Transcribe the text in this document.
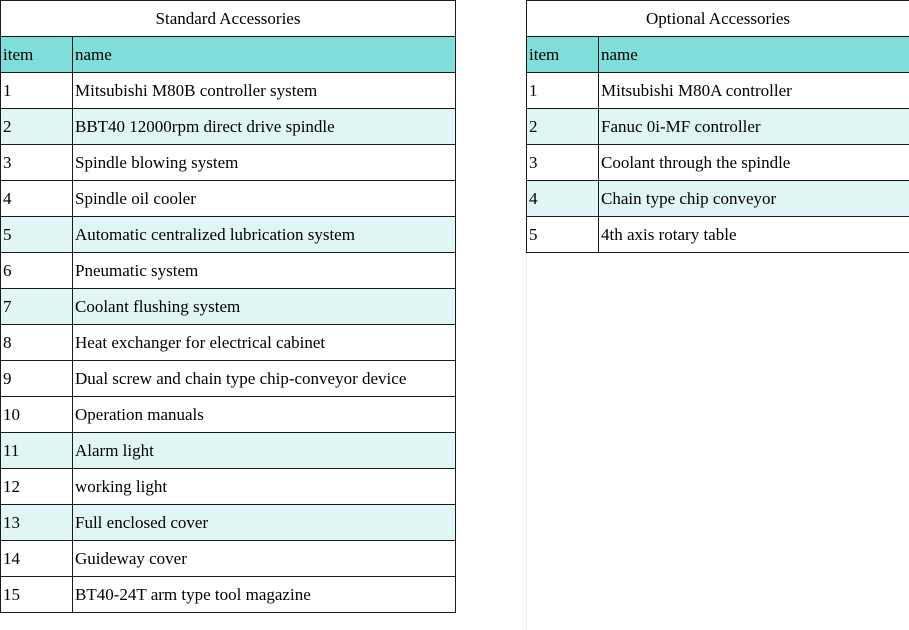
Standard Accessories	
item	name
1	Mitsubishi M80B controller system
2	BBT40 12000rpm direct drive spindle
3	Spindle blowing system
4	Spindle oil cooler
5	Automatic centralized lubrication system
6	Pneumatic system
7	Coolant flushing system
8	Heat exchanger for electrical cabinet
9	Dual screw and chain type chip-conveyor device
10	Operation manuals
11	Alarm light
12	working light
13	Full enclosed cover
14	Guideway cover
15	BT40-24T arm type tool magazine
Optional Accessories	
item	name
1	Mitsubishi M80A controller
2	Fanuc 0i-MF controller
3	Coolant through the spindle
4	Chain type chip conveyor
5	4th axis rotary table
